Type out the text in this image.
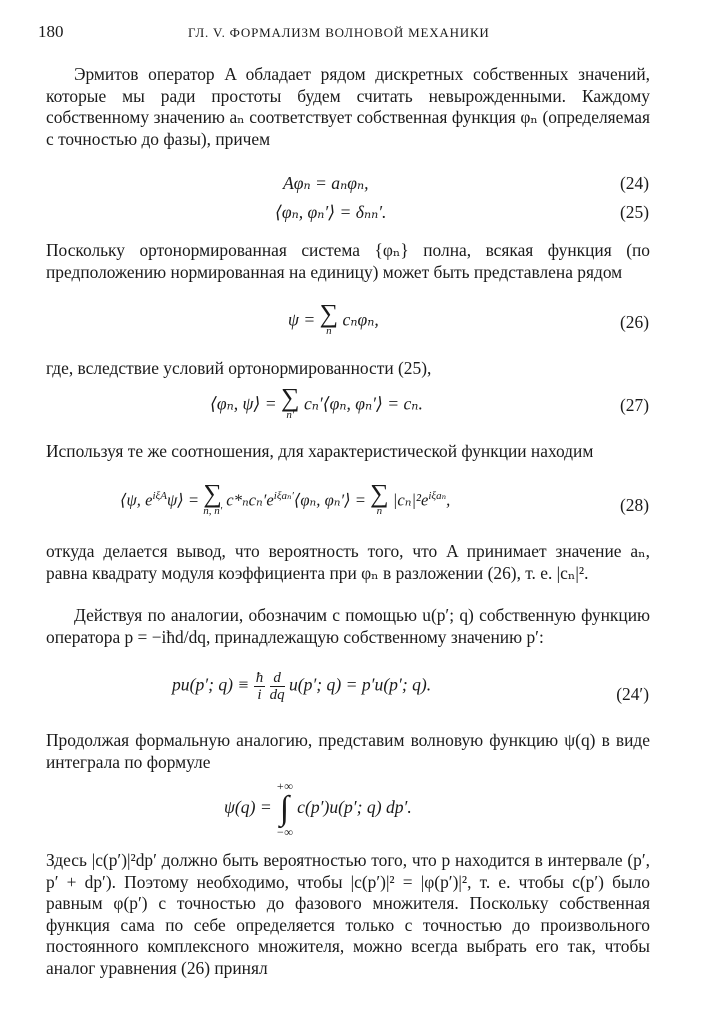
180	ГЛ. V. ФОРМАЛИЗМ ВОЛНОВОЙ МЕХАНИКИ

Эрмитов оператор A обладает рядом дискретных собственных значений, которые мы ради простоты будем считать невырожденными. Каждому собственному значению aₙ соответствует собственная функция φₙ (определяемая с точностью до фазы), причем

Aφₙ = aₙφₙ,	(24)
⟨φₙ, φₙ′⟩ = δₙₙ′.	(25)

Поскольку ортонормированная система {φₙ} полна, всякая функция (по предположению нормированная на единицу) может быть представлена рядом

ψ = ∑
n
cₙφₙ,	(26)

где, вследствие условий ортонормированности (25),

⟨φₙ, ψ⟩ = ∑
n′
cₙ′⟨φₙ, φₙ′⟩ = cₙ.	(27)

Используя те же соотношения, для характеристической функции находим

⟨ψ, $e^{i\xi A}\psi⟩$ = ∑
n, n′
$c*_nc_n'e^{i\xi a_n'}⟨\varphi_n$, φₙ′⟩ = ∑
n
$|c_n|^2e^{i\xi a_n}$,	(28)

откуда делается вывод, что вероятность того, что A принимает значение aₙ, равна квадрату модуля коэффициента при φₙ в разложении (26), т. е. |cₙ|².

Действуя по аналогии, обозначим с помощью u(p′; q) собственную функцию оператора p = −iħd/dq, принадлежащую собственному значению p′:

pu(p′; $q) \equiv \frac{ħ}{i}$
$\frac{d}{dq} u(p'$; q) = p′u(p′; q).	(24′)

Продолжая формальную аналогию, представим волновую функцию ψ(q) в виде интеграла по формуле

ψ(q) =
+∞
∫
−∞
c(p′)u(p′; q) dp′.

Здесь |c(p′)|²dp′ должно быть вероятностью того, что p находится в интервале (p′, p′ + dp′). Поэтому необходимо, чтобы |c(p′)|² = |φ(p′)|², т. е. чтобы c(p′) было равным φ(p′) с точностью до фазового множителя. Поскольку собственная функция сама по себе определяется только с точностью до произвольного постоянного комплексного множителя, можно всегда выбрать его так, чтобы аналог уравнения (26) принял
